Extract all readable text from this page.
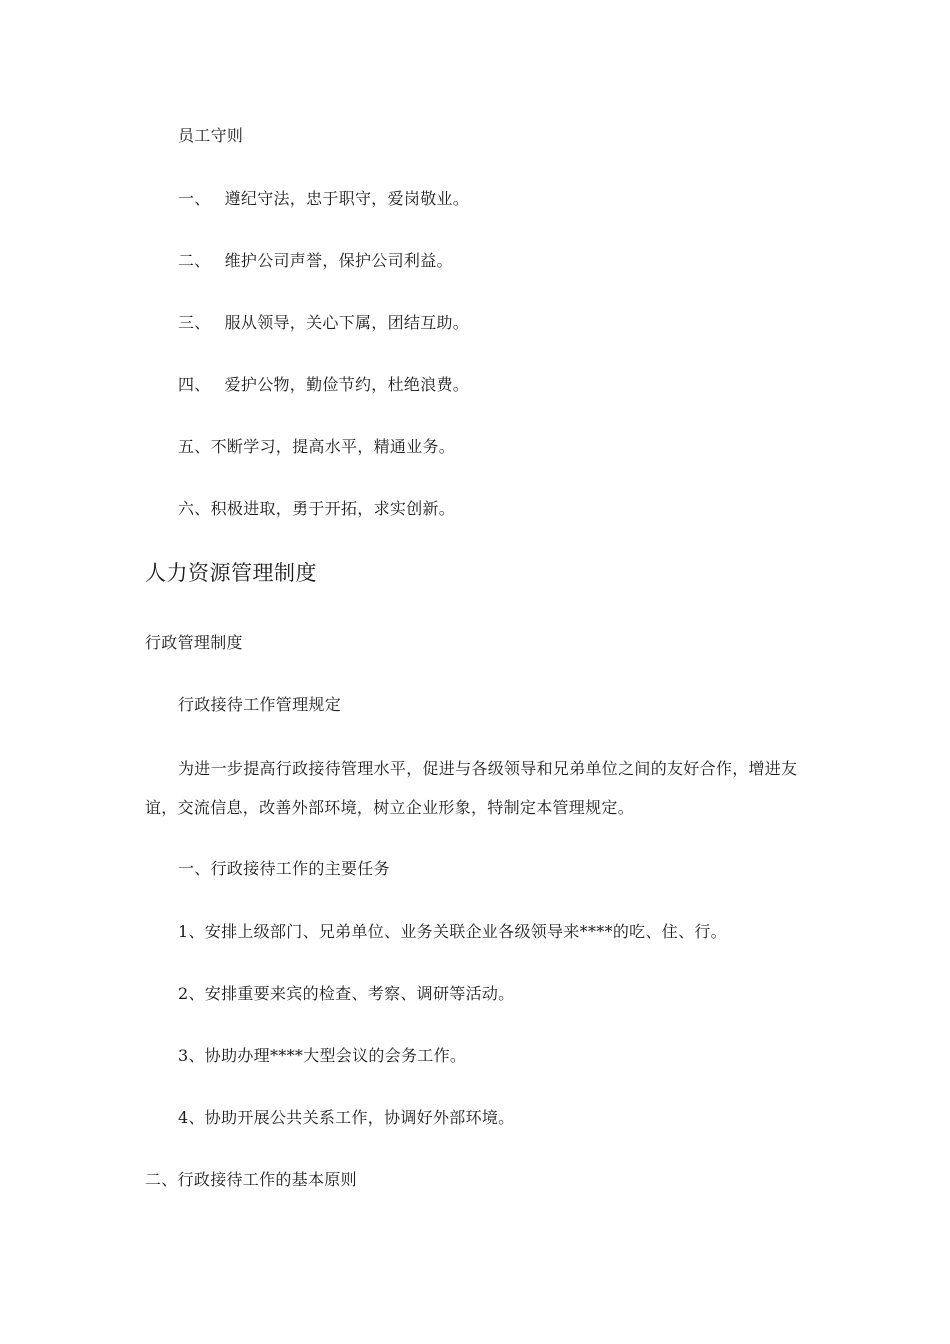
员工守则
一、 遵纪守法，忠于职守，爱岗敬业。
二、 维护公司声誉，保护公司利益。
三、 服从领导，关心下属，团结互助。
四、 爱护公物，勤俭节约，杜绝浪费。
五、不断学习，提高水平，精通业务。
六、积极进取，勇于开拓，求实创新。
人力资源管理制度
行政管理制度
行政接待工作管理规定
为进一步提高行政接待管理水平，促进与各级领导和兄弟单位之间的友好合作，增进友
谊，交流信息，改善外部环境，树立企业形象，特制定本管理规定。
一、行政接待工作的主要任务
1、安排上级部门、兄弟单位、业务关联企业各级领导来****的吃、住、行。
2、安排重要来宾的检查、考察、调研等活动。
3、协助办理****大型会议的会务工作。
4、协助开展公共关系工作，协调好外部环境。
二、行政接待工作的基本原则
